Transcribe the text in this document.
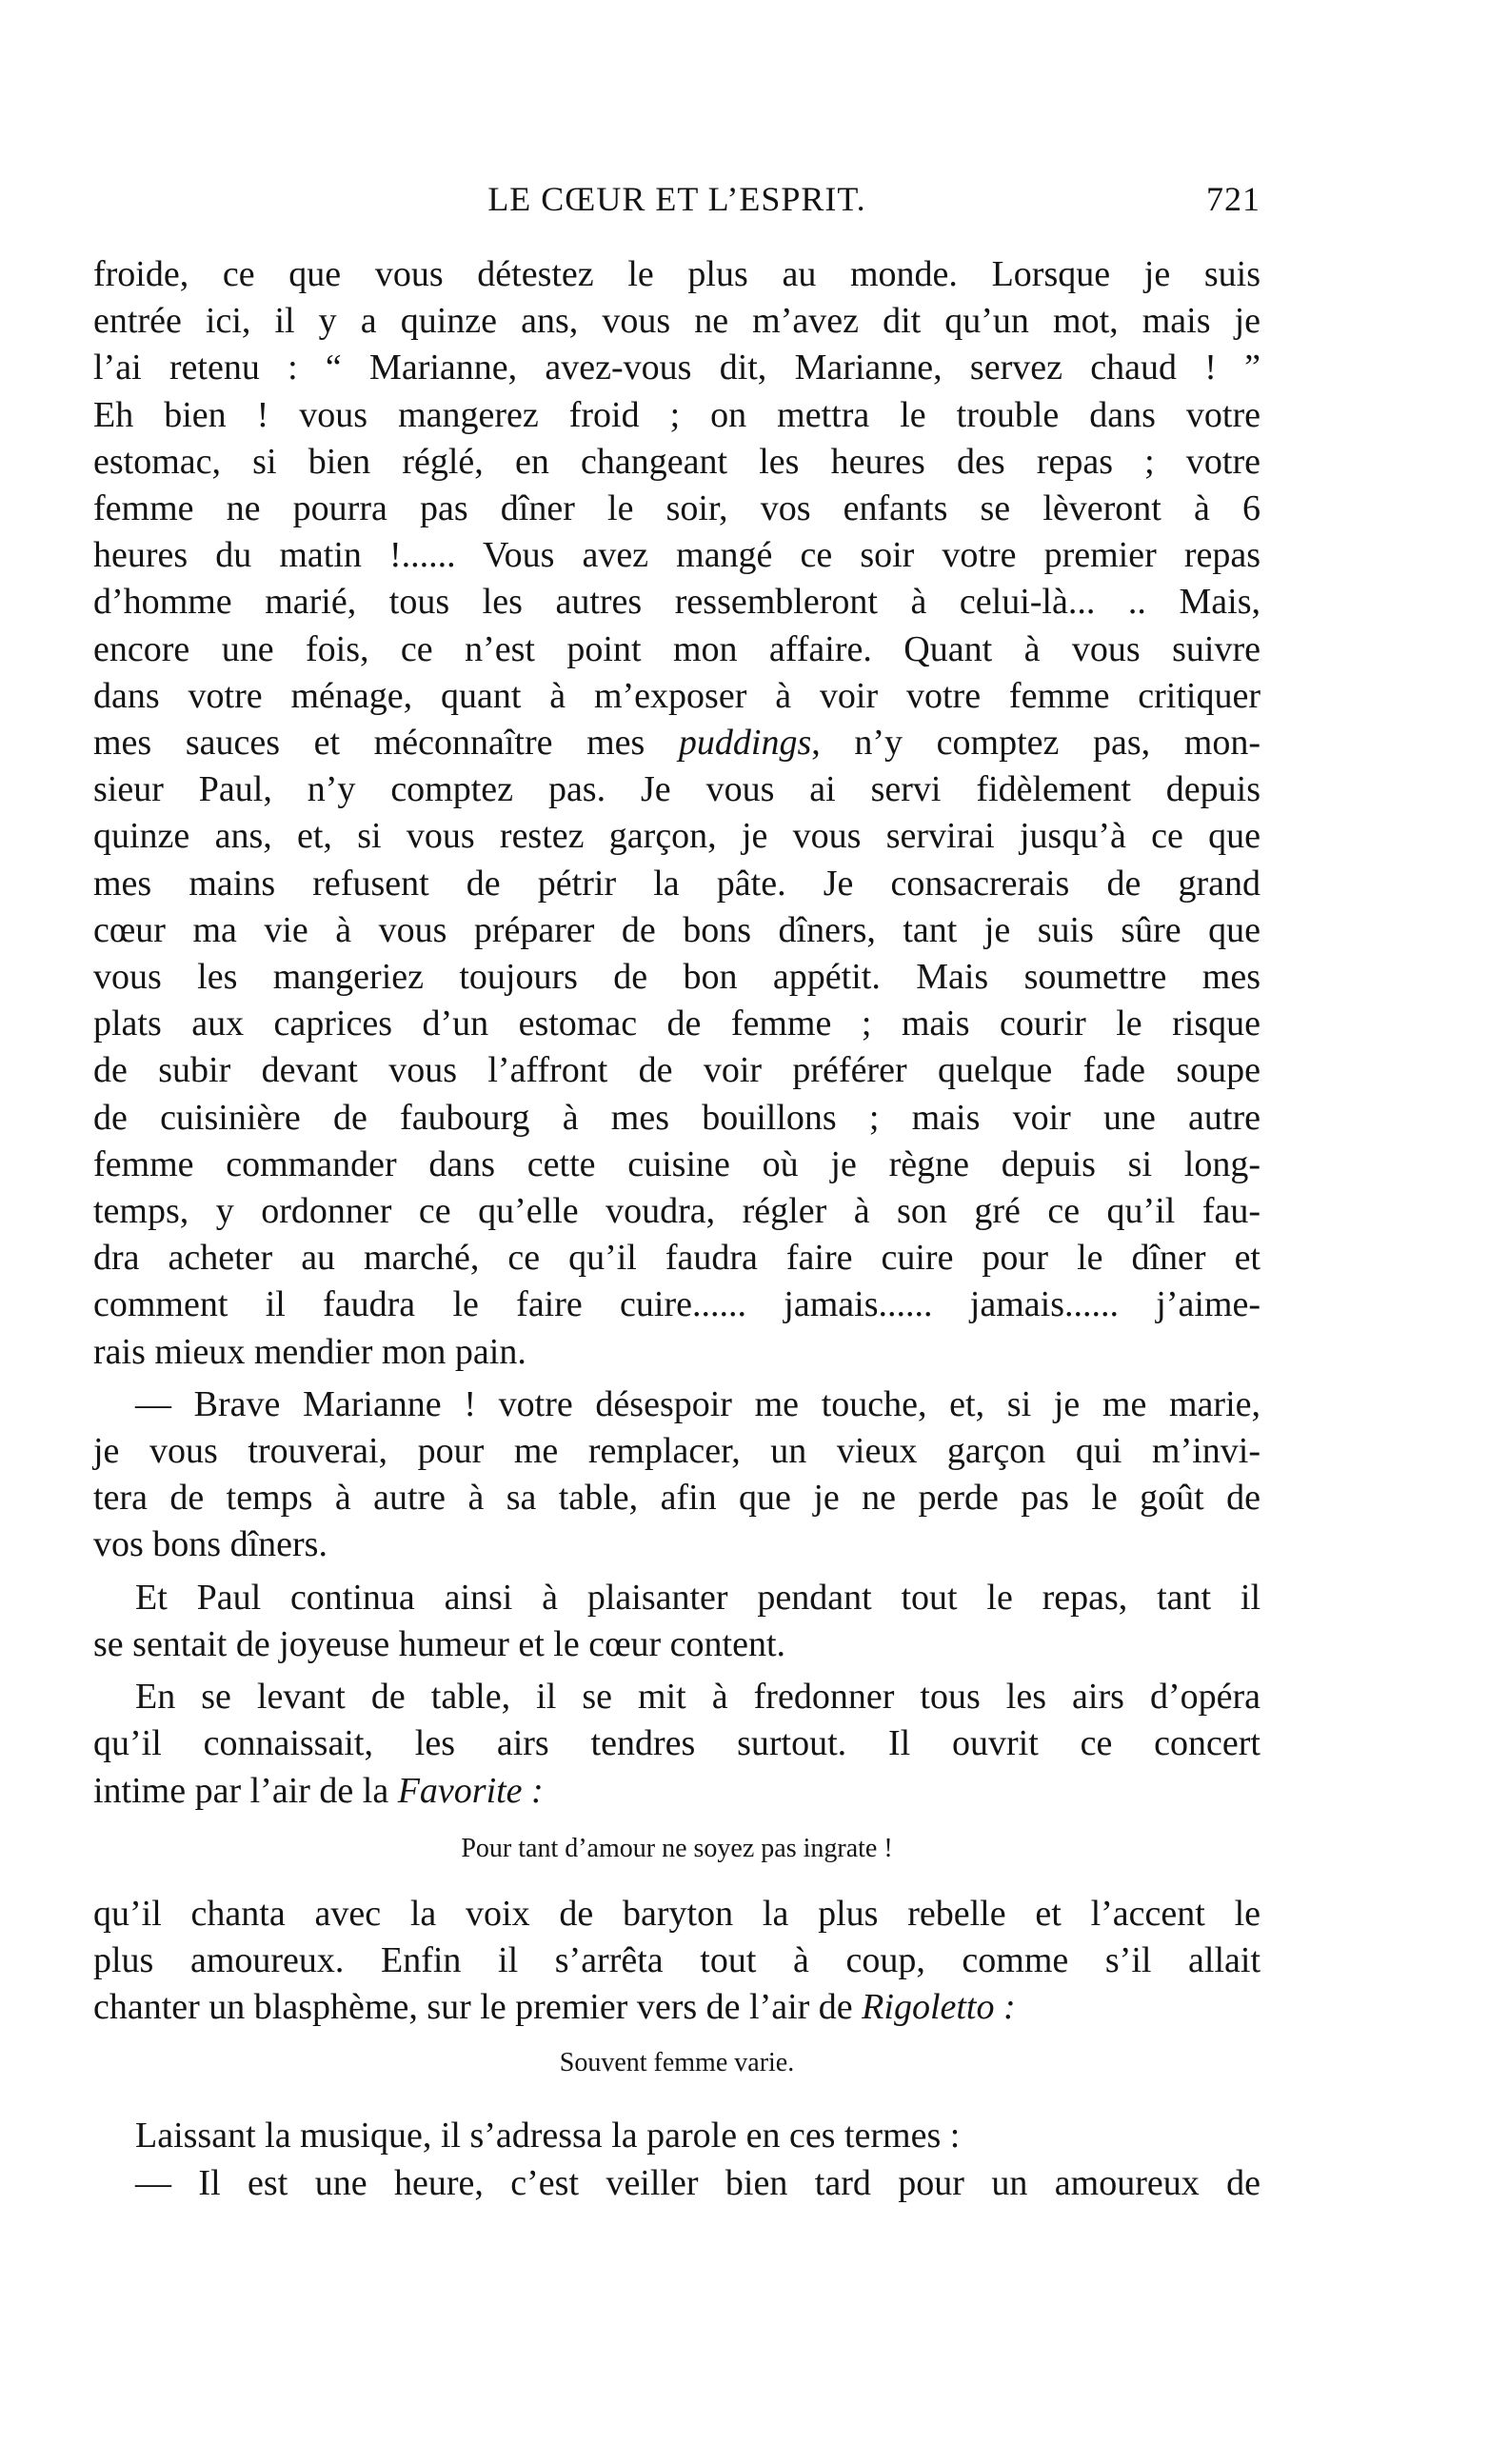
LE CŒUR ET L’ESPRIT.	721

froide, ce que vous détestez le plus au monde. Lorsque je suis
entrée ici, il y a quinze ans, vous ne m’avez dit qu’un mot, mais je
l’ai retenu : “ Marianne, avez-vous dit, Marianne, servez chaud ! ”
Eh bien ! vous mangerez froid ; on mettra le trouble dans votre
estomac, si bien réglé, en changeant les heures des repas ; votre
femme ne pourra pas dîner le soir, vos enfants se lèveront à 6
heures du matin !...... Vous avez mangé ce soir votre premier repas
d’homme marié, tous les autres ressembleront à celui-là... .. Mais,
encore une fois, ce n’est point mon affaire. Quant à vous suivre
dans votre ménage, quant à m’exposer à voir votre femme critiquer
mes sauces et méconnaître mes puddings, n’y comptez pas, mon-
sieur Paul, n’y comptez pas. Je vous ai servi fidèlement depuis
quinze ans, et, si vous restez garçon, je vous servirai jusqu’à ce que
mes mains refusent de pétrir la pâte. Je consacrerais de grand
cœur ma vie à vous préparer de bons dîners, tant je suis sûre que
vous les mangeriez toujours de bon appétit. Mais soumettre mes
plats aux caprices d’un estomac de femme ; mais courir le risque
de subir devant vous l’affront de voir préférer quelque fade soupe
de cuisinière de faubourg à mes bouillons ; mais voir une autre
femme commander dans cette cuisine où je règne depuis si long-
temps, y ordonner ce qu’elle voudra, régler à son gré ce qu’il fau-
dra acheter au marché, ce qu’il faudra faire cuire pour le dîner et
comment il faudra le faire cuire...... jamais...... jamais...... j’aime-
rais mieux mendier mon pain.

— Brave Marianne ! votre désespoir me touche, et, si je me marie,
je vous trouverai, pour me remplacer, un vieux garçon qui m’invi-
tera de temps à autre à sa table, afin que je ne perde pas le goût de
vos bons dîners.

Et Paul continua ainsi à plaisanter pendant tout le repas, tant il
se sentait de joyeuse humeur et le cœur content.

En se levant de table, il se mit à fredonner tous les airs d’opéra
qu’il connaissait, les airs tendres surtout. Il ouvrit ce concert
intime par l’air de la Favorite :

Pour tant d’amour ne soyez pas ingrate !

qu’il chanta avec la voix de baryton la plus rebelle et l’accent le
plus amoureux. Enfin il s’arrêta tout à coup, comme s’il allait
chanter un blasphème, sur le premier vers de l’air de Rigoletto :

Souvent femme varie.

Laissant la musique, il s’adressa la parole en ces termes :

— Il est une heure, c’est veiller bien tard pour un amoureux de
